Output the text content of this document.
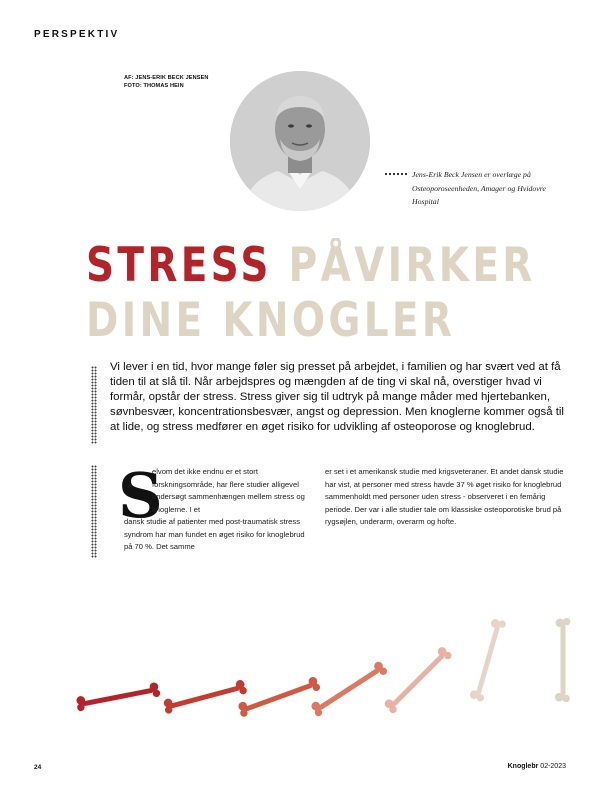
PERSPEKTIV
AF: JENS-ERIK BECK JENSEN
FOTO: THOMAS HEIN
Jens-Erik Beck Jensen er overlæge på Osteoporoseenheden, Amager og Hvidovre Hospital
STRESS PÅVIRKER
DINE KNOGLER
Vi lever i en tid, hvor mange føler sig presset på arbejdet, i familien og har svært ved at få tiden til at slå til. Når arbejdspres og mængden af de ting vi skal nå, overstiger hvad vi formår, opstår der stress. Stress giver sig til udtryk på mange måder med hjertebanken, søvnbesvær, koncentrationsbesvær, angst og depression. Men knoglerne kommer også til at lide, og stress medfører en øget risiko for udvikling af osteoporose og knoglebrud.
S
elvom det ikke endnu er et stort forskningsområde, har flere studier alligevel undersøgt sammenhængen mellem stress og knoglerne. I et
dansk studie af patienter med post-traumatisk stress syndrom har man fundet en øget risiko for knoglebrud på 70 %. Det samme
er set i et amerikansk studie med krigsveteraner. Et andet dansk studie har vist, at personer med stress havde 37 % øget risiko for knoglebrud sammenholdt med personer uden stress - observeret i en femårig periode. Der var i alle studier tale om klassiske osteoporotiske brud på rygsøjlen, underarm, overarm og hofte.
24	Knoglebr 02-2023
